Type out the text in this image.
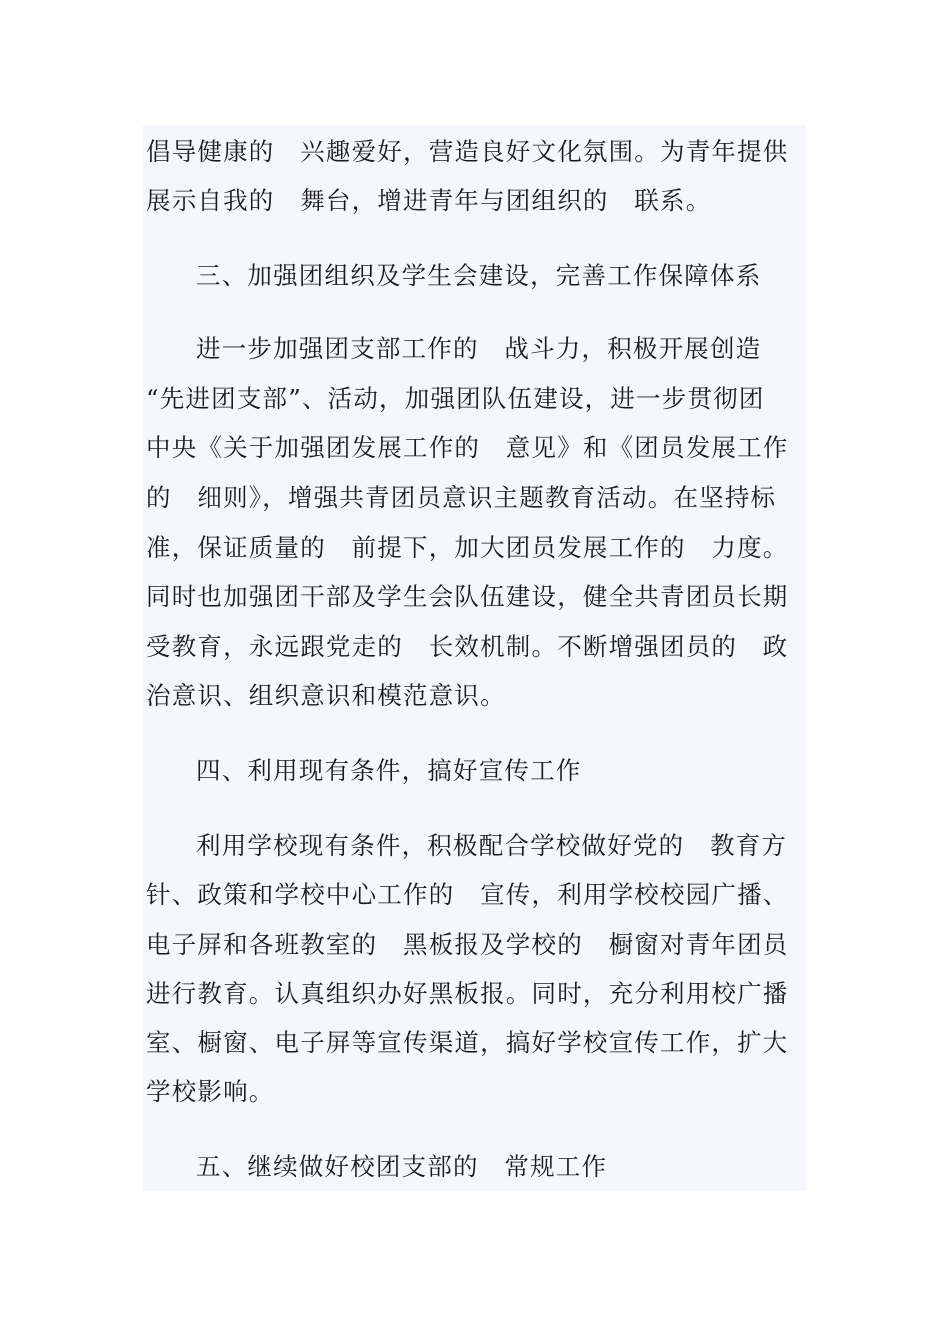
倡导健康的　兴趣爱好，营造良好文化氛围。为青年提供
展示自我的　舞台，增进青年与团组织的　联系。
三、加强团组织及学生会建设，完善工作保障体系
进一步加强团支部工作的　战斗力，积极开展创造
“先进团支部”、活动，加强团队伍建设，进一步贯彻团
中央《关于加强团发展工作的　意见》和《团员发展工作
的　细则》，增强共青团员意识主题教育活动。在坚持标
准，保证质量的　前提下，加大团员发展工作的　力度。
同时也加强团干部及学生会队伍建设，健全共青团员长期
受教育，永远跟党走的　长效机制。不断增强团员的　政
治意识、组织意识和模范意识。
四、利用现有条件，搞好宣传工作
利用学校现有条件，积极配合学校做好党的　教育方
针、政策和学校中心工作的　宣传，利用学校校园广播、
电子屏和各班教室的　黑板报及学校的　橱窗对青年团员
进行教育。认真组织办好黑板报。同时，充分利用校广播
室、橱窗、电子屏等宣传渠道，搞好学校宣传工作，扩大
学校影响。
五、继续做好校团支部的　常规工作
